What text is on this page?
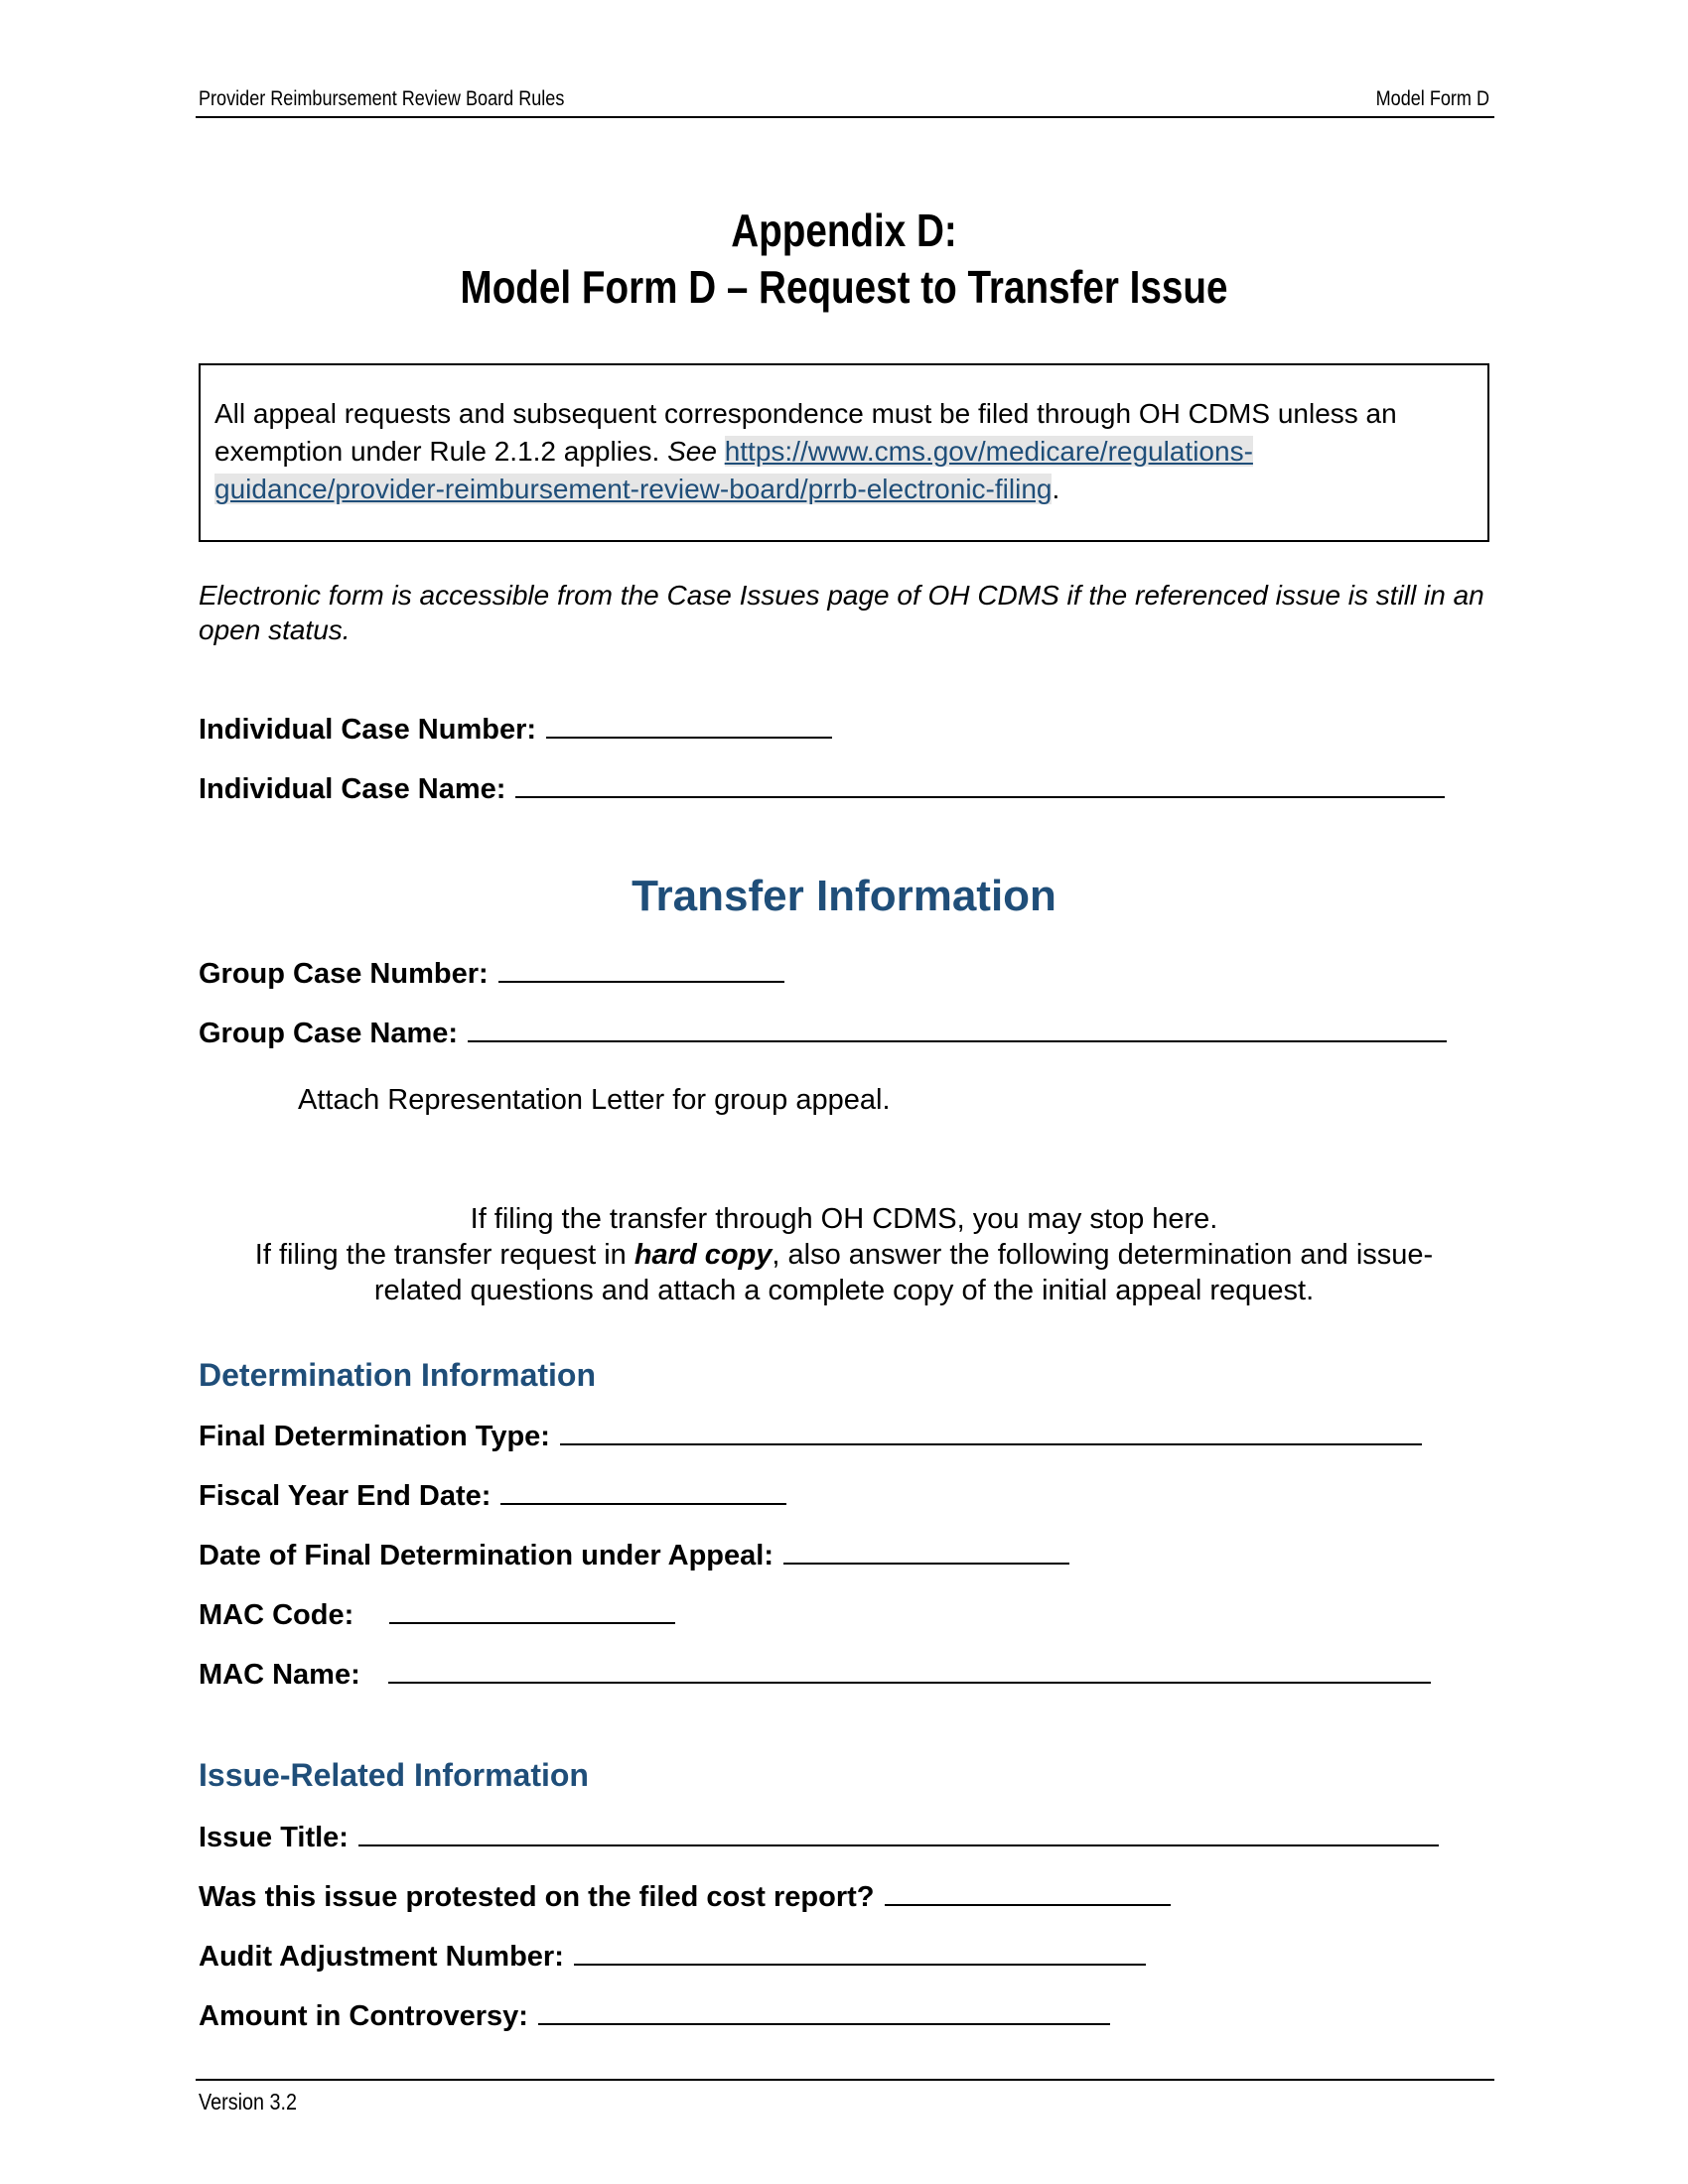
Provider Reimbursement Review Board Rules	Model Form D
Appendix D:
Model Form D – Request to Transfer Issue
All appeal requests and subsequent correspondence must be filed through OH CDMS unless an exemption under Rule 2.1.2 applies. See https://www.cms.gov/medicare/regulations-guidance/provider-reimbursement-review-board/prrb-electronic-filing.
Electronic form is accessible from the Case Issues page of OH CDMS if the referenced issue is still in an open status.
Individual Case Number:
Individual Case Name:
Transfer Information
Group Case Number:
Group Case Name:
Attach Representation Letter for group appeal.
If filing the transfer through OH CDMS, you may stop here.
If filing the transfer request in hard copy, also answer the following determination and issue-related questions and attach a complete copy of the initial appeal request.
Determination Information
Final Determination Type:
Fiscal Year End Date:
Date of Final Determination under Appeal:
MAC Code:
MAC Name:
Issue-Related Information
Issue Title:
Was this issue protested on the filed cost report?
Audit Adjustment Number:
Amount in Controversy:
Version 3.2
